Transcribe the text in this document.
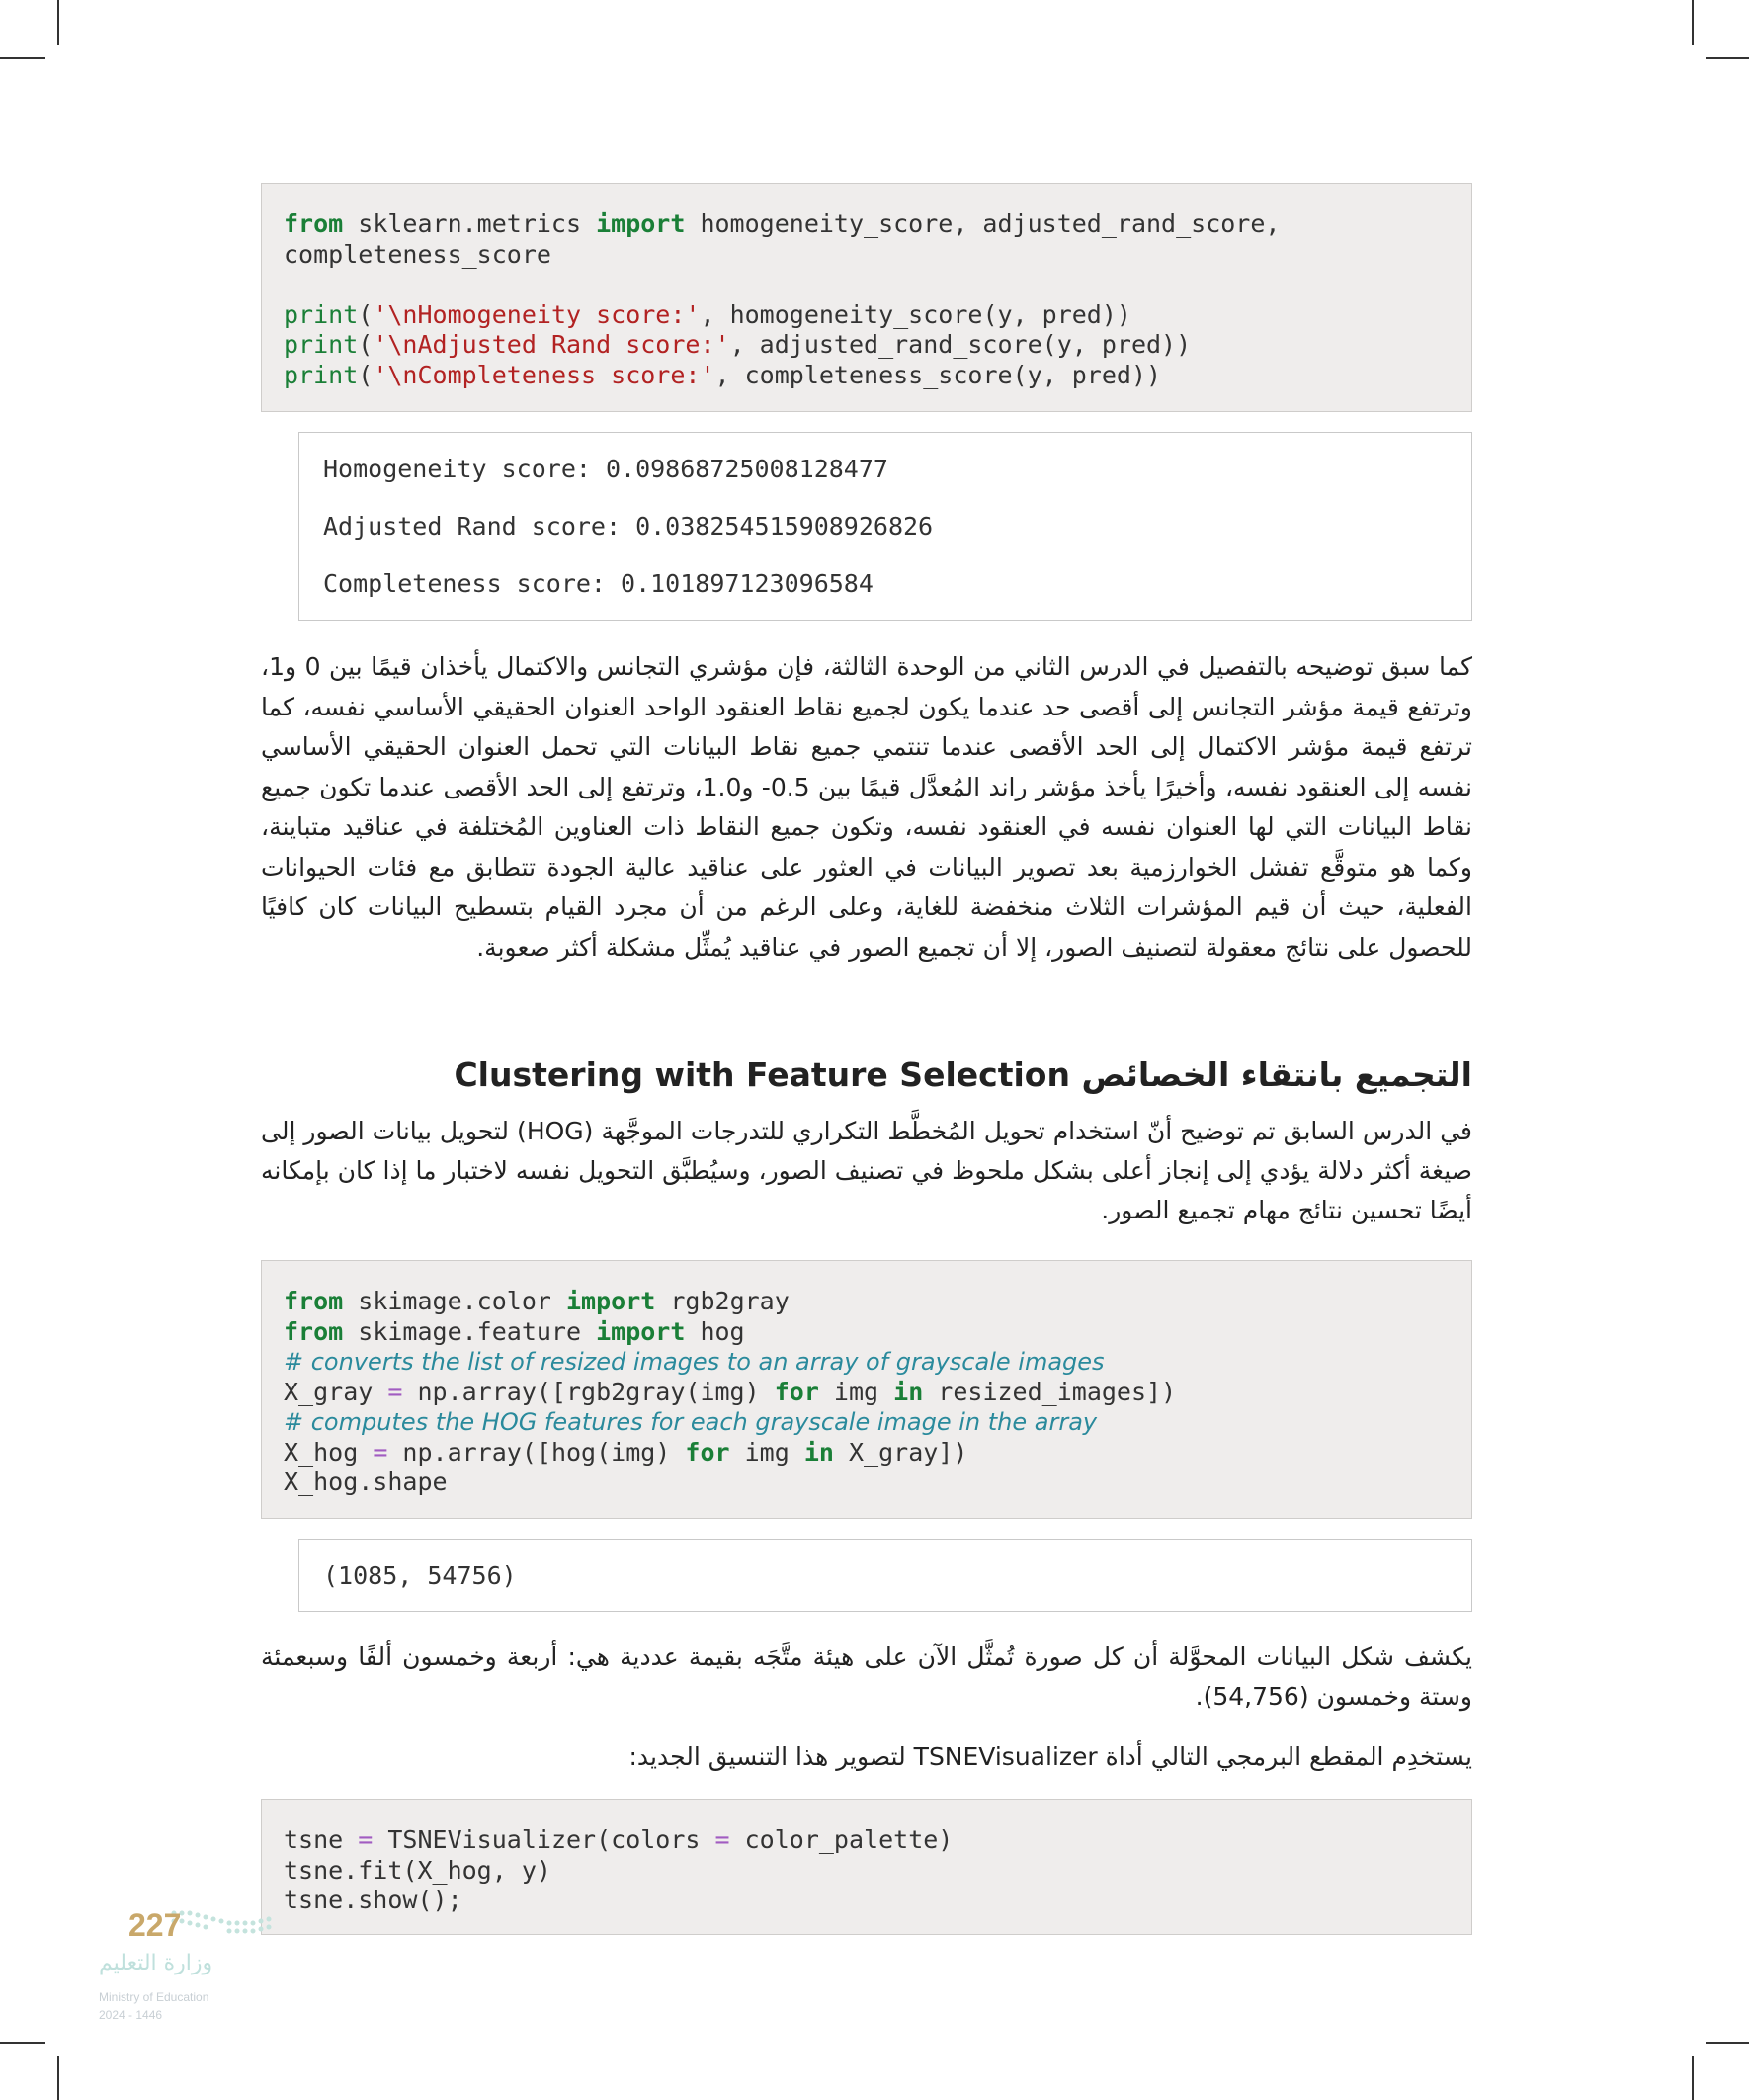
from sklearn.metrics import homogeneity_score, adjusted_rand_score,
completeness_score
print('\nHomogeneity score:', homogeneity_score(y, pred))
print('\nAdjusted Rand score:', adjusted_rand_score(y, pred))
print('\nCompleteness score:', completeness_score(y, pred))
Homogeneity score: 0.09868725008128477
Adjusted Rand score: 0.038254515908926826
Completeness score: 0.101897123096584
كما سبق توضيحه بالتفصيل في الدرس الثاني من الوحدة الثالثة، فإن مؤشري التجانس والاكتمال يأخذان قيمًا بين 0 و1، وترتفع قيمة مؤشر التجانس إلى أقصى حد عندما يكون لجميع نقاط العنقود الواحد العنوان الحقيقي الأساسي نفسه، كما ترتفع قيمة مؤشر الاكتمال إلى الحد الأقصى عندما تنتمي جميع نقاط البيانات التي تحمل العنوان الحقيقي الأساسي نفسه إلى العنقود نفسه، وأخيرًا يأخذ مؤشر راند المُعدَّل قيمًا بين 0.5- و1.0، وترتفع إلى الحد الأقصى عندما تكون جميع نقاط البيانات التي لها العنوان نفسه في العنقود نفسه، وتكون جميع النقاط ذات العناوين المُختلفة في عناقيد متباينة، وكما هو متوقَّع تفشل الخوارزمية بعد تصوير البيانات في العثور على عناقيد عالية الجودة تتطابق مع فئات الحيوانات الفعلية، حيث أن قيم المؤشرات الثلاث منخفضة للغاية، وعلى الرغم من أن مجرد القيام بتسطيح البيانات كان كافيًا للحصول على نتائج معقولة لتصنيف الصور، إلا أن تجميع الصور في عناقيد يُمثِّل مشكلة أكثر صعوبة.
التجميع بانتقاء الخصائص Clustering with Feature Selection
في الدرس السابق تم توضيح أنّ استخدام تحويل المُخطَّط التكراري للتدرجات الموجَّهة (HOG) لتحويل بيانات الصور إلى صيغة أكثر دلالة يؤدي إلى إنجاز أعلى بشكل ملحوظ في تصنيف الصور، وسيُطبَّق التحويل نفسه لاختبار ما إذا كان بإمكانه أيضًا تحسين نتائج مهام تجميع الصور.
from skimage.color import rgb2gray
from skimage.feature import hog
# converts the list of resized images to an array of grayscale images
X_gray = np.array([rgb2gray(img) for img in resized_images])
# computes the HOG features for each grayscale image in the array
X_hog = np.array([hog(img) for img in X_gray])
X_hog.shape
(1085, 54756)
يكشف شكل البيانات المحوَّلة أن كل صورة تُمثَّل الآن على هيئة متَّجَه بقيمة عددية هي: أربعة وخمسون ألفًا وسبعمئة وستة وخمسون (54,756).
يستخدِم المقطع البرمجي التالي أداة TSNEVisualizer لتصوير هذا التنسيق الجديد:
tsne = TSNEVisualizer(colors = color_palette)
tsne.fit(X_hog, y)
tsne.show();
227
وزارة التعليم
Ministry of Education
2024 - 1446
